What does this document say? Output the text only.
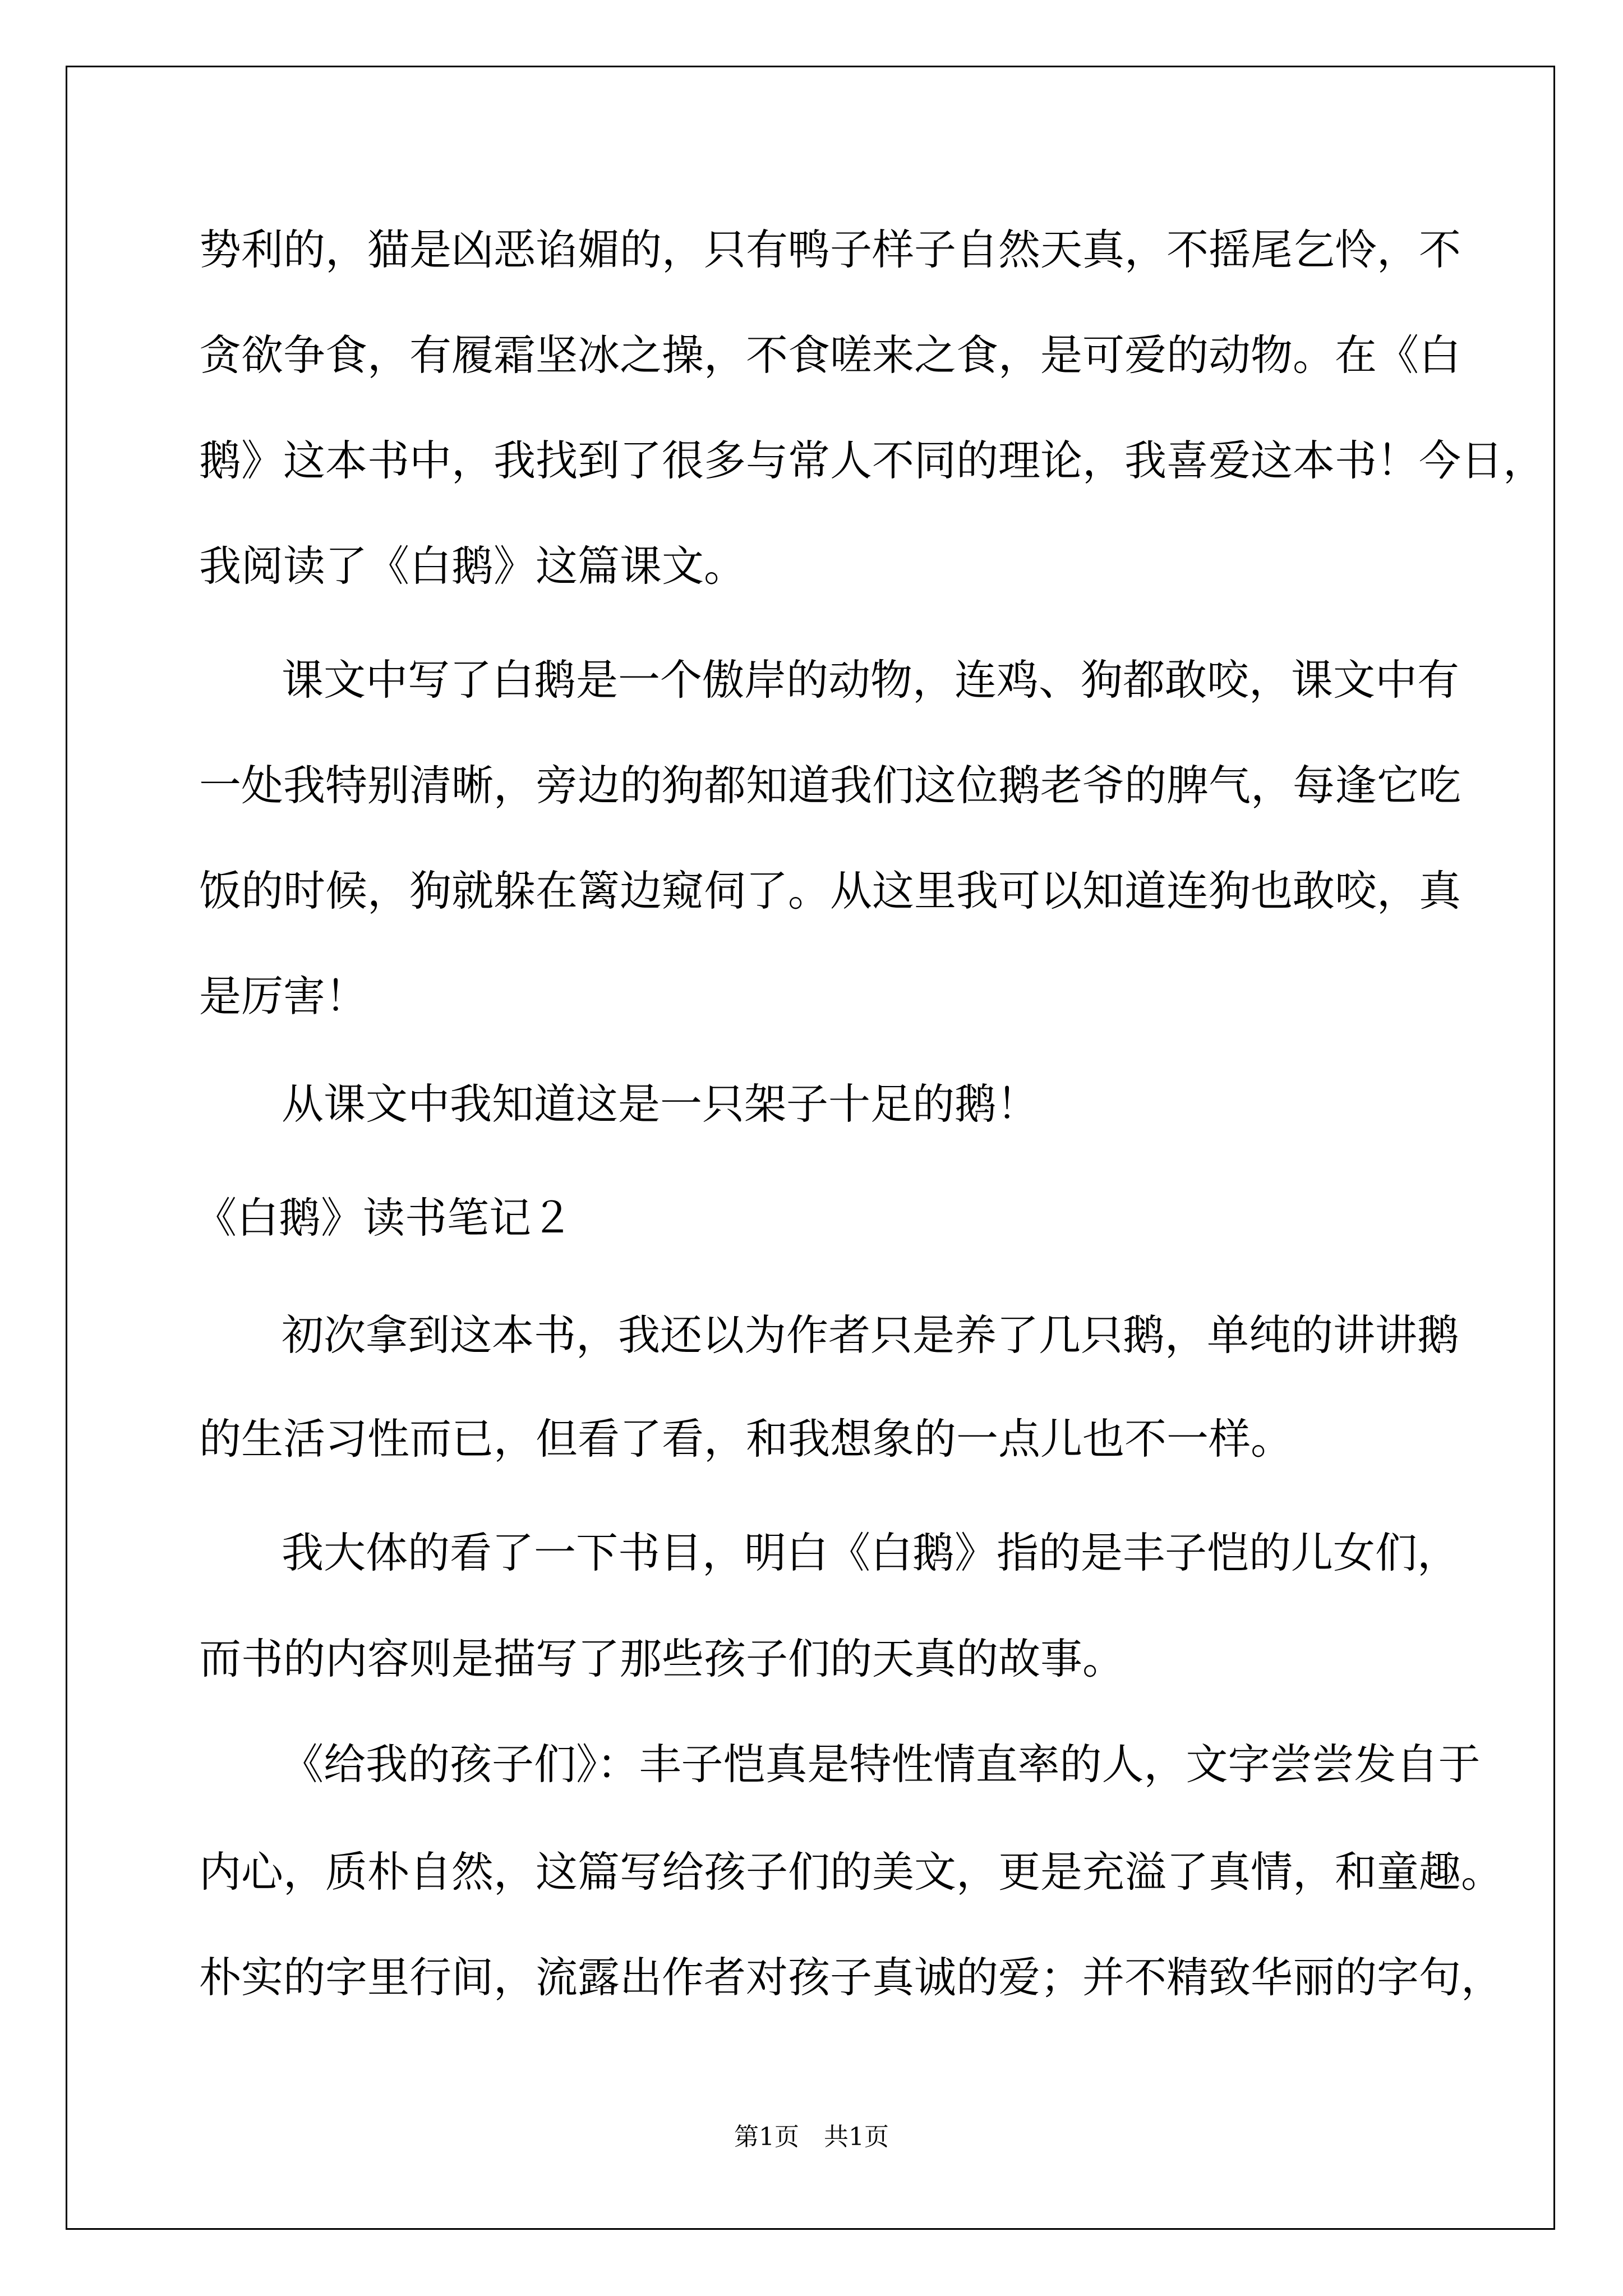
势利的，猫是凶恶谄媚的，只有鸭子样子自然天真，不摇尾乞怜，不

贪欲争食，有履霜坚冰之操，不食嗟来之食，是可爱的动物。在《白

鹅》这本书中，我找到了很多与常人不同的理论，我喜爱这本书！今日，

我阅读了《白鹅》这篇课文。

课文中写了白鹅是一个傲岸的动物，连鸡、狗都敢咬，课文中有

一处我特别清晰，旁边的狗都知道我们这位鹅老爷的脾气，每逢它吃

饭的时候，狗就躲在篱边窥伺了。从这里我可以知道连狗也敢咬，真

是厉害！

从课文中我知道这是一只架子十足的鹅！

《白鹅》读书笔记２

初次拿到这本书，我还以为作者只是养了几只鹅，单纯的讲讲鹅

的生活习性而已，但看了看，和我想象的一点儿也不一样。

我大体的看了一下书目，明白《白鹅》指的是丰子恺的儿女们，

而书的内容则是描写了那些孩子们的天真的故事。

《给我的孩子们》：丰子恺真是特性情直率的人，文字尝尝发自于

内心，质朴自然，这篇写给孩子们的美文，更是充溢了真情，和童趣。

朴实的字里行间，流露出作者对孩子真诚的爱；并不精致华丽的字句，

第1页　共1页
